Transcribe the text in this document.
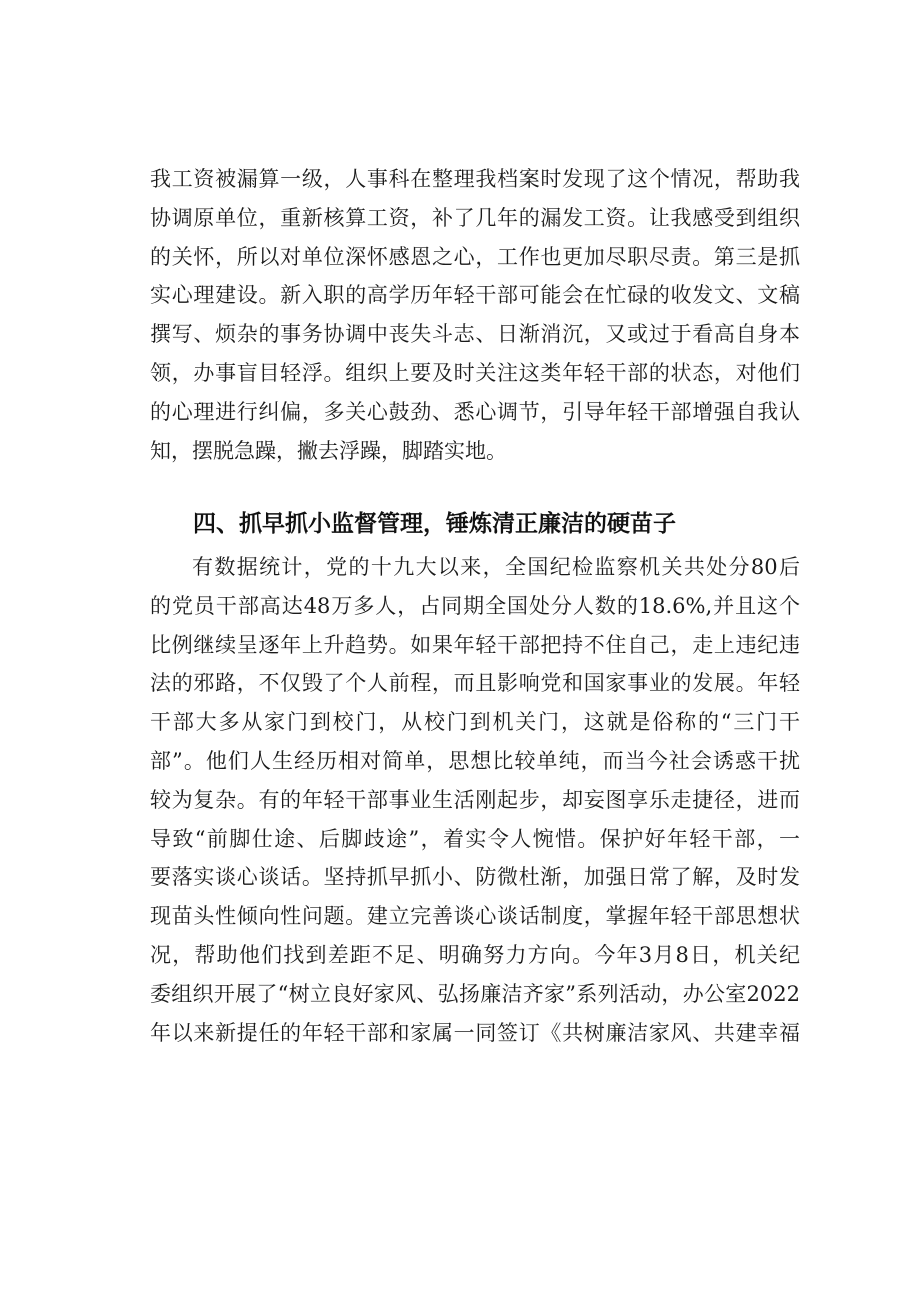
我工资被漏算一级，人事科在整理我档案时发现了这个情况，帮助我
协调原单位，重新核算工资，补了几年的漏发工资。让我感受到组织
的关怀，所以对单位深怀感恩之心，工作也更加尽职尽责。第三是抓
实心理建设。新入职的高学历年轻干部可能会在忙碌的收发文、文稿
撰写、烦杂的事务协调中丧失斗志、日渐消沉，又或过于看高自身本
领，办事盲目轻浮。组织上要及时关注这类年轻干部的状态，对他们
的心理进行纠偏，多关心鼓劲、悉心调节，引导年轻干部增强自我认
知，摆脱急躁，撇去浮躁，脚踏实地。
四、抓早抓小监督管理，锤炼清正廉洁的硬苗子
有数据统计，党的十九大以来，全国纪检监察机关共处分80后
的党员干部高达48万多人，占同期全国处分人数的18.6%,并且这个
比例继续呈逐年上升趋势。如果年轻干部把持不住自己，走上违纪违
法的邪路，不仅毁了个人前程，而且影响党和国家事业的发展。年轻
干部大多从家门到校门，从校门到机关门，这就是俗称的“三门干
部”。他们人生经历相对简单，思想比较单纯，而当今社会诱惑干扰
较为复杂。有的年轻干部事业生活刚起步，却妄图享乐走捷径，进而
导致“前脚仕途、后脚歧途”，着实令人惋惜。保护好年轻干部，一
要落实谈心谈话。坚持抓早抓小、防微杜渐，加强日常了解，及时发
现苗头性倾向性问题。建立完善谈心谈话制度，掌握年轻干部思想状
况，帮助他们找到差距不足、明确努力方向。今年3月8日，机关纪
委组织开展了“树立良好家风、弘扬廉洁齐家”系列活动，办公室2022
年以来新提任的年轻干部和家属一同签订《共树廉洁家风、共建幸福
